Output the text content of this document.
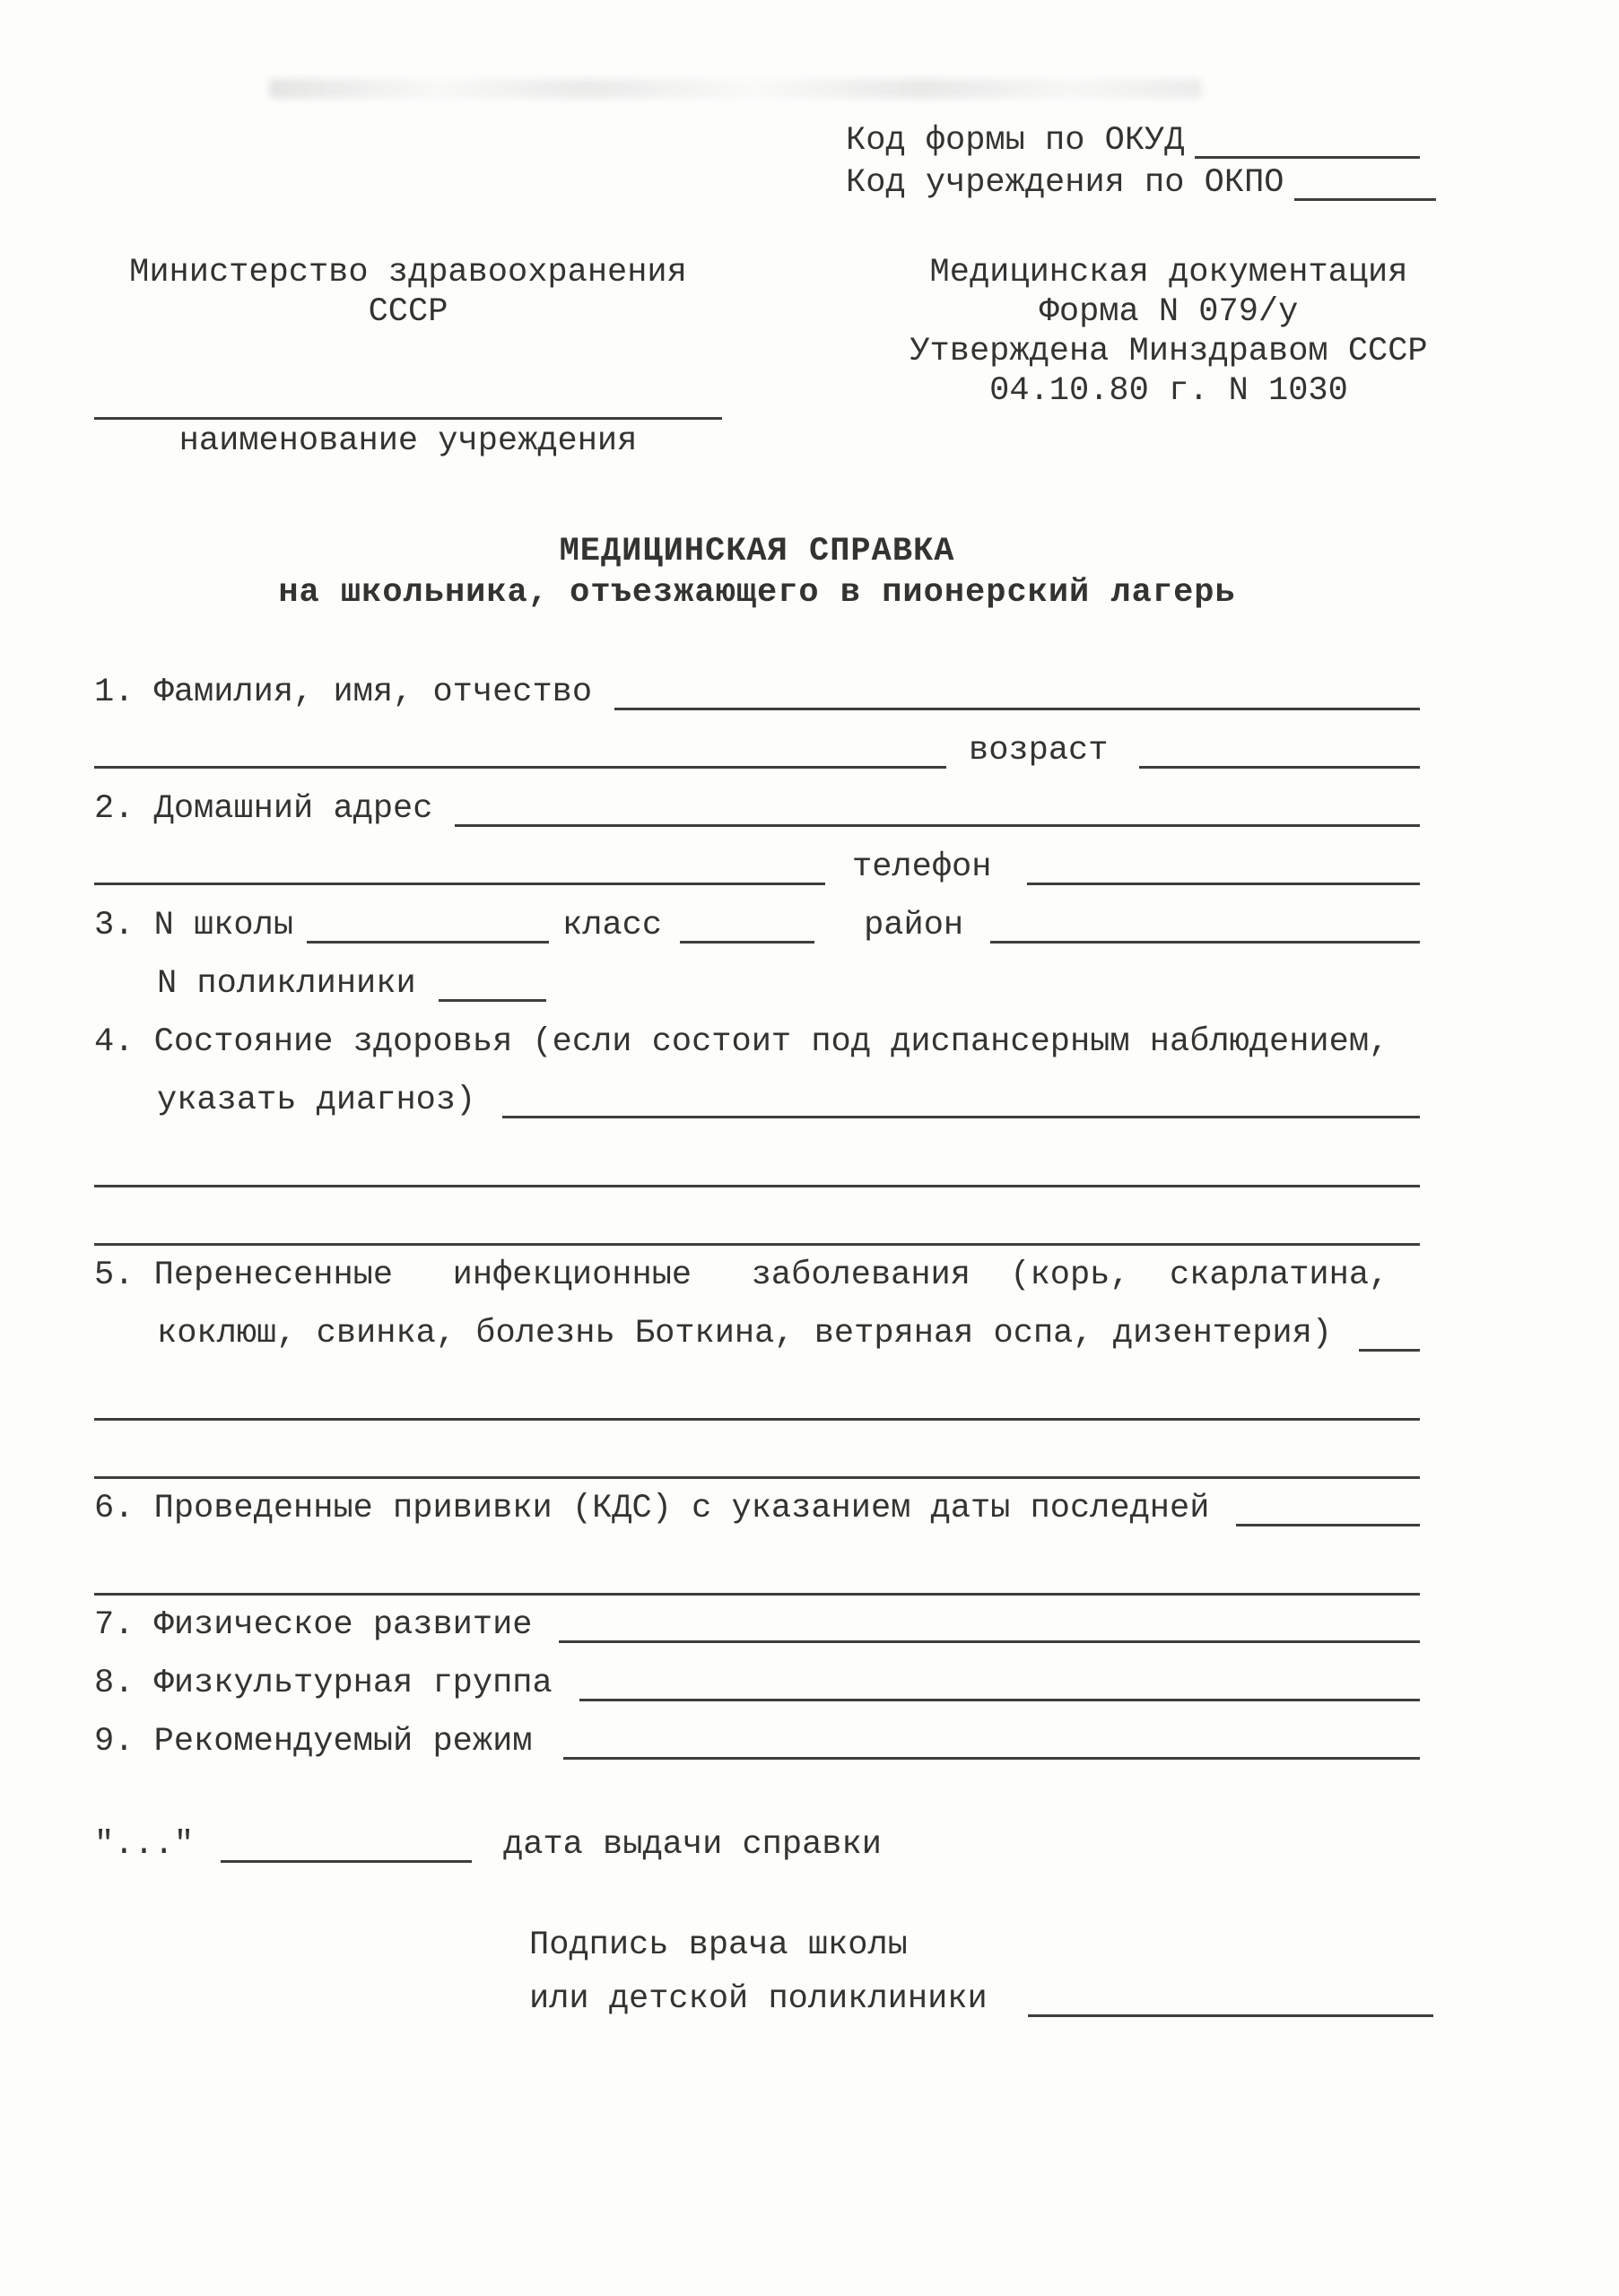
Код формы по ОКУД
Код учреждения по ОКПО
Министерство здравоохранения
СССР
наименование учреждения
Медицинская документация
Форма N 079/у
Утверждена Минздравом СССР
04.10.80 г. N 1030
МЕДИЦИНСКАЯ СПРАВКА
на школьника, отъезжающего в пионерский лагерь
1. Фамилия, имя, отчество
возраст
2. Домашний адрес
телефон
3. N школы	класс	район
N поликлиники
4. Состояние здоровья (если состоит под диспансерным наблюдением,
указать диагноз)
5. Перенесенные   инфекционные   заболевания  (корь,  скарлатина,
коклюш, свинка, болезнь Боткина, ветряная оспа, дизентерия)
6. Проведенные прививки (КДС) с указанием даты последней
7. Физическое развитие
8. Физкультурная группа
9. Рекомендуемый режим
"..."	дата выдачи справки
Подпись врача школы
или детской поликлиники
